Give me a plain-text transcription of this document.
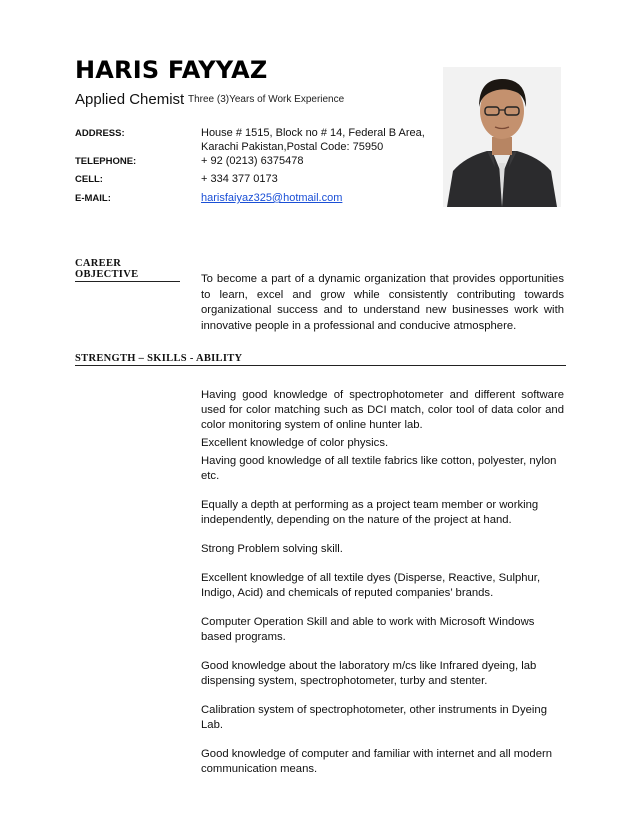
HARIS FAYYAZ
Applied Chemist Three (3)Years of Work Experience
ADDRESS:	House # 1515, Block no # 14, Federal B Area,
Karachi Pakistan,Postal Code: 75950
TELEPHONE:	+ 92 (0213) 6375478
CELL:	+ 334 377 0173
E-MAIL:	harisfaiyaz325@hotmail.com
CAREER OBJECTIVE	To become a part of a dynamic organization that provides opportunities to learn, excel and grow while consistently contributing towards organizational success and to understand new businesses work with innovative people in a professional and conducive atmosphere.
STRENGTH – SKILLS - ABILITY

Having good knowledge of spectrophotometer and different software used for color matching such as DCI match, color tool of data color and color monitoring system of online hunter lab.

Excellent knowledge of color physics.

Having good knowledge of all textile fabrics like cotton, polyester, nylon etc.

Equally a depth at performing as a project team member or working independently, depending on the nature of the project at hand.

Strong Problem solving skill.

Excellent knowledge of all textile dyes (Disperse, Reactive, Sulphur, Indigo, Acid) and chemicals of reputed companies’ brands.

Computer Operation Skill and able to work with Microsoft Windows based programs.

Good knowledge about the laboratory m/cs like Infrared dyeing, lab dispensing system, spectrophotometer, turby and stenter.

Calibration system of spectrophotometer, other instruments in Dyeing Lab.

Good knowledge of computer and familiar with internet and all modern communication means.
